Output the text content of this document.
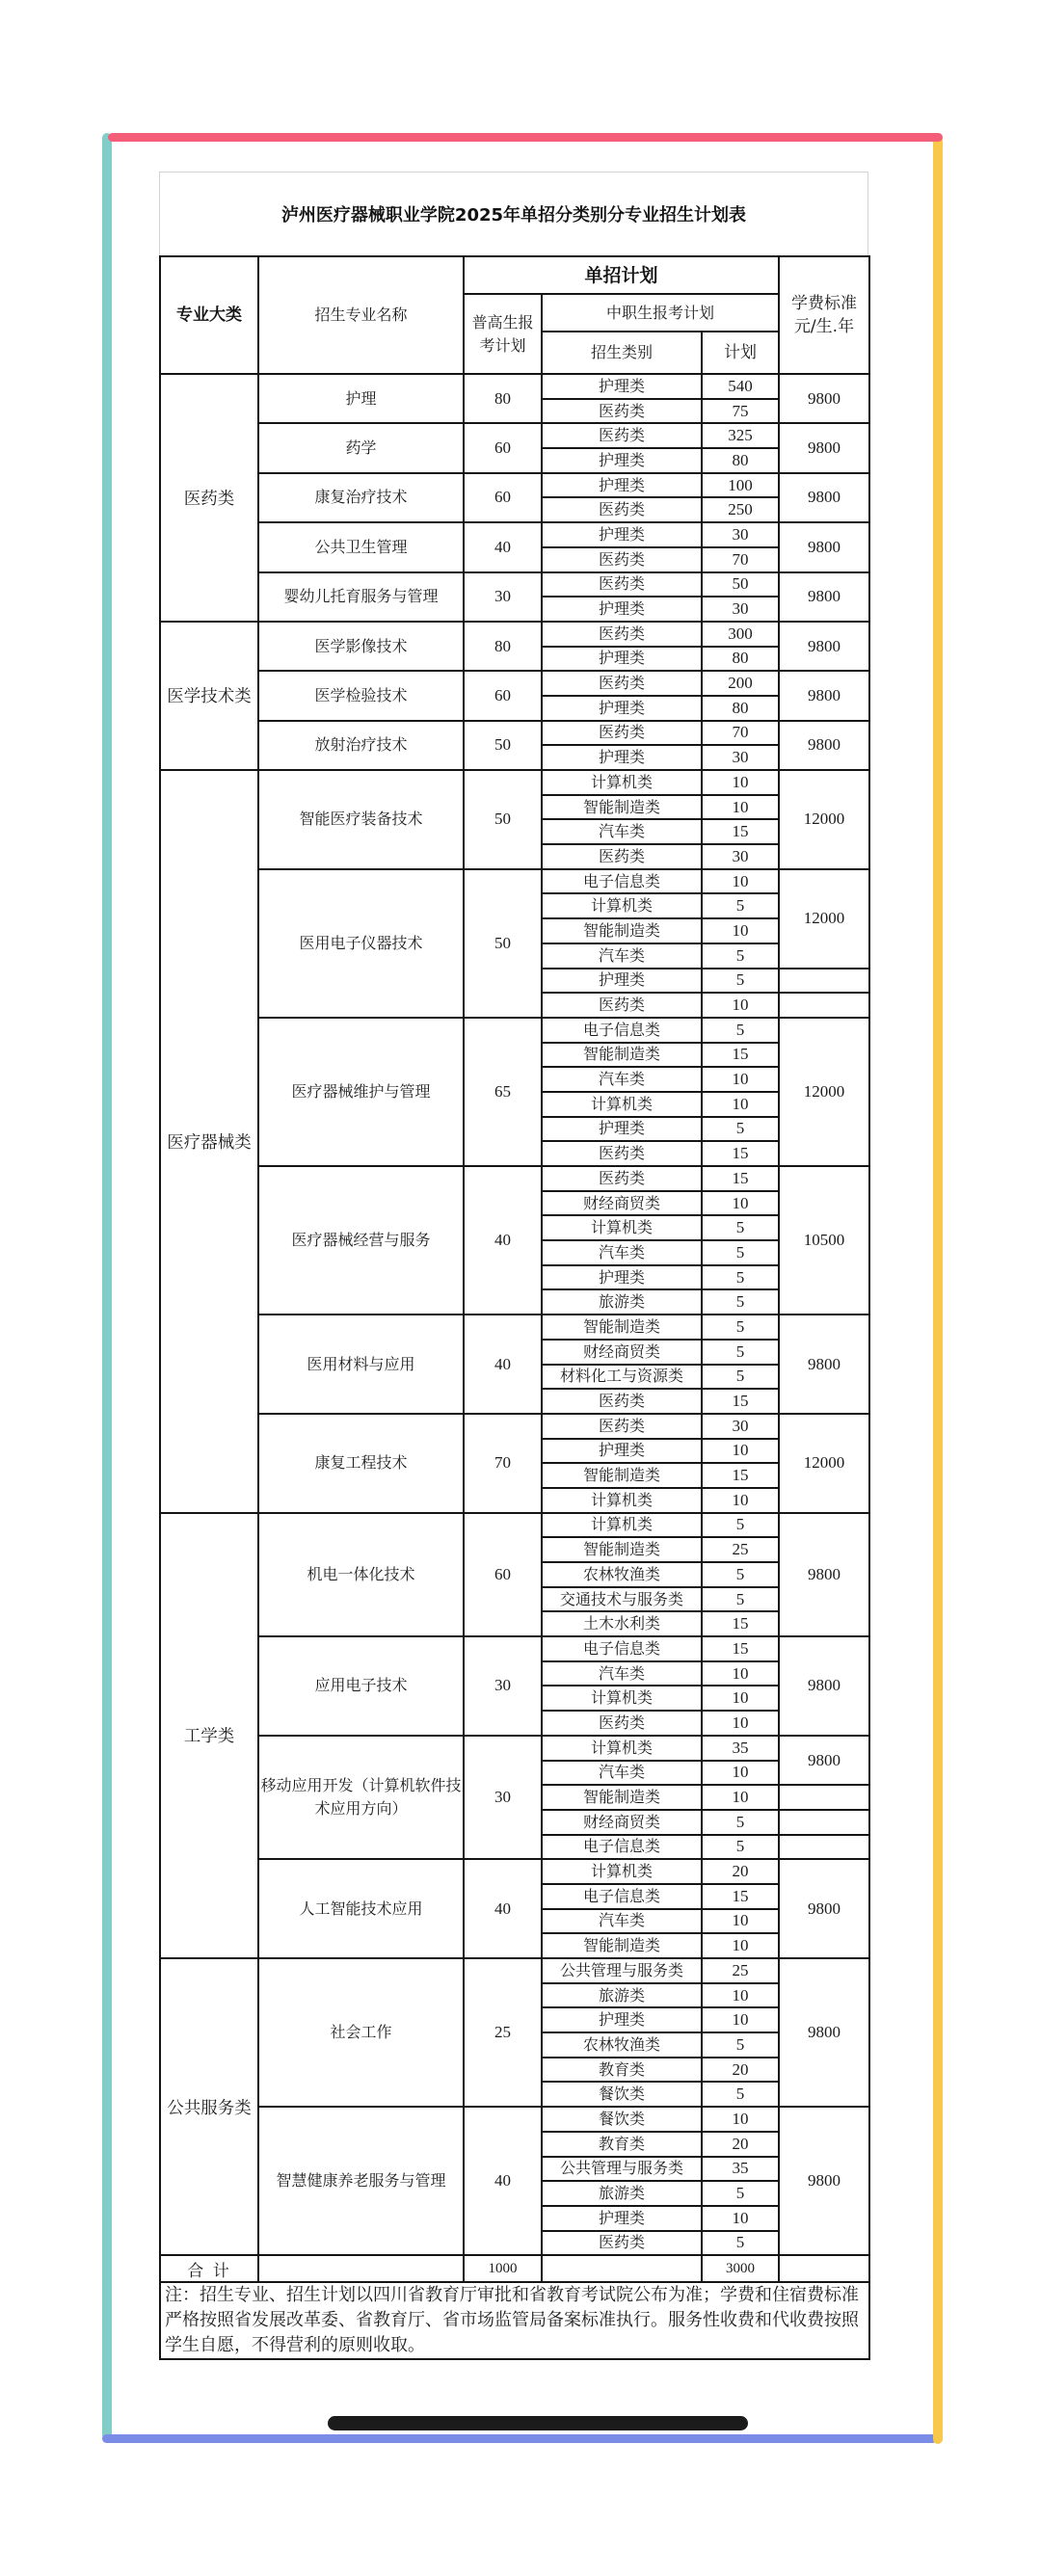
泸州医疗器械职业学院2025年单招分类别分专业招生计划表
专业大类	招生专业名称	单招计划			学费标准
元/生.年

		普高生报考计划	中职生报考计划		
			招生类别	计划	
医药类	护理	80	护理类	540	9800
			医药类	75	
	药学	60	医药类	325	9800
			护理类	80	
	康复治疗技术	60	护理类	100	9800
			医药类	250	
	公共卫生管理	40	护理类	30	9800
			医药类	70	
	婴幼儿托育服务与管理	30	医药类	50	9800
			护理类	30	
医学技术类	医学影像技术	80	医药类	300	9800
			护理类	80	
	医学检验技术	60	医药类	200	9800
			护理类	80	
	放射治疗技术	50	医药类	70	9800
			护理类	30	
医疗器械类	智能医疗装备技术	50	计算机类	10	12000
			智能制造类	10	
			汽车类	15	
			医药类	30	
	医用电子仪器技术	50	电子信息类	10	12000
			计算机类	5	
			智能制造类	10	
			汽车类	5	
			护理类	5	
			医药类	10	
	医疗器械维护与管理	65	电子信息类	5	12000
			智能制造类	15	
			汽车类	10	
			计算机类	10	
			护理类	5	
			医药类	15	
	医疗器械经营与服务	40	医药类	15	10500
			财经商贸类	10	
			计算机类	5	
			汽车类	5	
			护理类	5	
			旅游类	5	
	医用材料与应用	40	智能制造类	5	9800
			财经商贸类	5	
			材料化工与资源类	5	
			医药类	15	
	康复工程技术	70	医药类	30	12000
			护理类	10	
			智能制造类	15	
			计算机类	10	
工学类	机电一体化技术	60	计算机类	5	9800
			智能制造类	25	
			农林牧渔类	5	
			交通技术与服务类	5	
			土木水利类	15	
	应用电子技术	30	电子信息类	15	9800
			汽车类	10	
			计算机类	10	
			医药类	10	
	移动应用开发（计算机软件技术应用方向）	30	计算机类	35	9800
			汽车类	10	
			智能制造类	10	
			财经商贸类	5	
			电子信息类	5	
	人工智能技术应用	40	计算机类	20	9800
			电子信息类	15	
			汽车类	10	
			智能制造类	10	
公共服务类	社会工作	25	公共管理与服务类	25	9800
			旅游类	10	
			护理类	10	
			农林牧渔类	5	
			教育类	20	
			餐饮类	5	
	智慧健康养老服务与管理	40	餐饮类	10	9800
			教育类	20	
			公共管理与服务类	35	
			旅游类	5	
			护理类	10	
			医药类	5	
合 计		1000		3000	
注：招生专业、招生计划以四川省教育厅审批和省教育考试院公布为准；学费和住宿费标准严格按照省发展改革委、省教育厅、省市场监管局备案标准执行。服务性收费和代收费按照学生自愿，不得营利的原则收取。					
